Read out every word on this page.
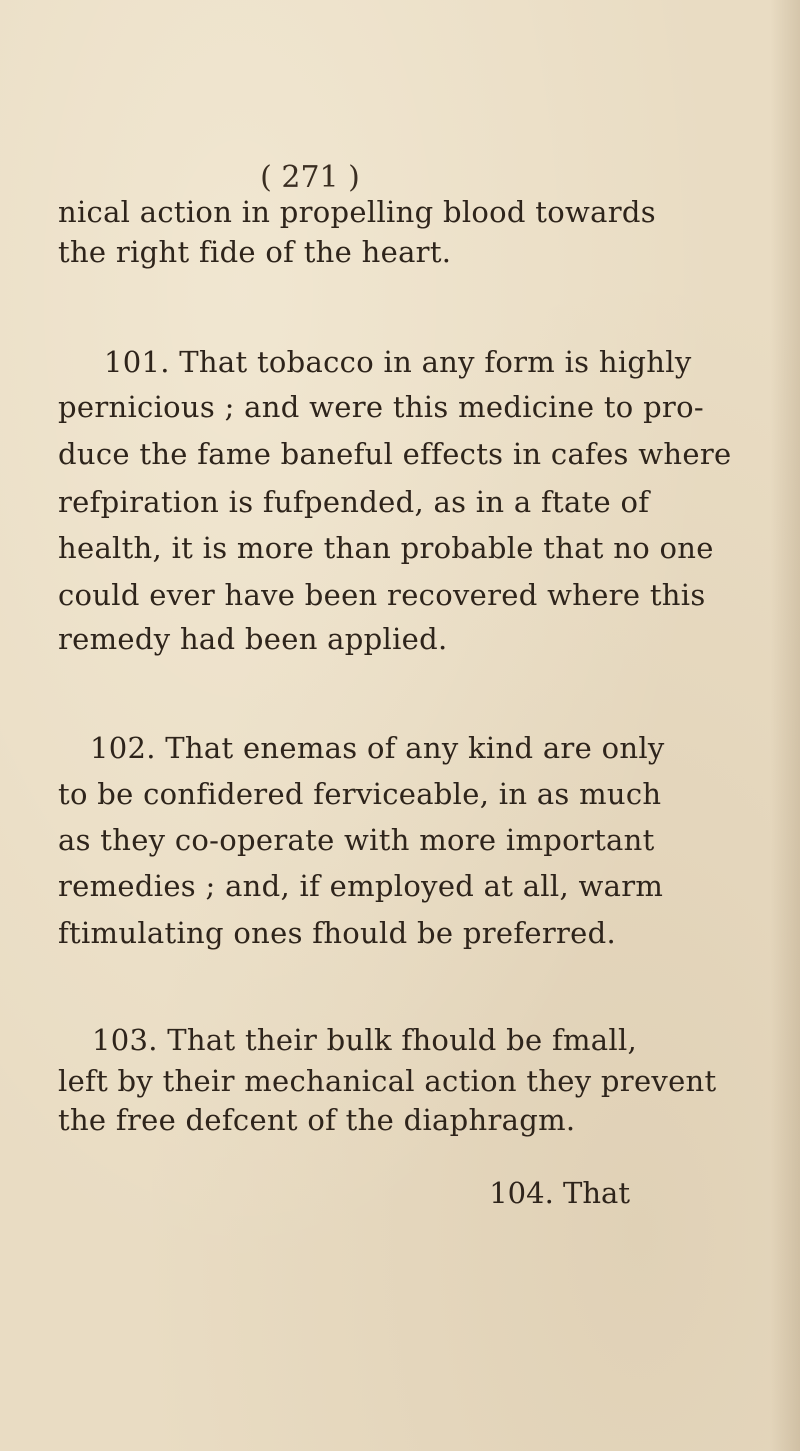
( 271 )
nical action in propelling blood towards
the right fide of the heart.
101. That tobacco in any form is highly
pernicious ; and were this medicine to pro-
duce the fame baneful effects in cafes where
refpiration is fufpended, as in a ftate of
health, it is more than probable that no one
could ever have been recovered where this
remedy had been applied.
102. That enemas of any kind are only
to be confidered ferviceable, in as much
as they co-operate with more important
remedies ; and, if employed at all, warm
ftimulating ones fhould be preferred.
103. That their bulk fhould be fmall,
left by their mechanical action they prevent
the free defcent of the diaphragm.
104. That
